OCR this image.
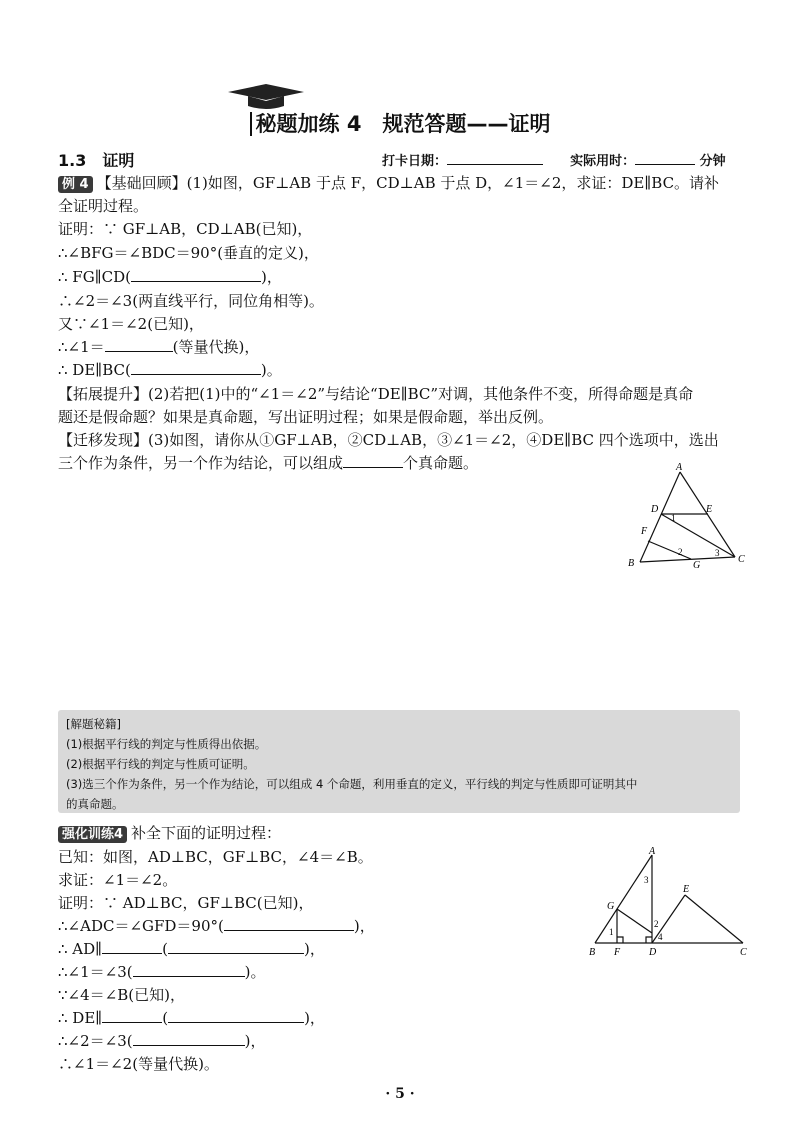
秘题加练 4　规范答题——证明
1.3　证明	打卡日期：	实际用时：	分钟
例 4 【基础回顾】(1)如图，GF⊥AB 于点 F，CD⊥AB 于点 D，∠1＝∠2，求证：DE∥BC。请补
全证明过程。
证明：∵ GF⊥AB，CD⊥AB(已知)，
∴∠BFG＝∠BDC＝90°(垂直的定义)，
∴ FG∥CD(	)，
∴∠2＝∠3(两直线平行，同位角相等)。
又∵∠1＝∠2(已知)，
∴∠1＝	(等量代换)，
∴ DE∥BC(	)。
【拓展提升】(2)若把(1)中的“∠1＝∠2”与结论“DE∥BC”对调，其他条件不变，所得命题是真命
题还是假命题？如果是真命题，写出证明过程；如果是假命题，举出反例。
【迁移发现】(3)如图，请你从①GF⊥AB，②CD⊥AB，③∠1＝∠2，④DE∥BC 四个选项中，选出
三个作为条件，另一个作为结论，可以组成	个真命题。	A
D	E
F
1
2	3
B	G
C
[解题秘籍]
(1)根据平行线的判定与性质得出依据。
(2)根据平行线的判定与性质可证明。
(3)选三个作为条件，另一个作为结论，可以组成 4 个命题，利用垂直的定义，平行线的判定与性质即可证明其中
的真命题。
强化训练4 补全下面的证明过程：
已知：如图，AD⊥BC，GF⊥BC，∠4＝∠B。
求证：∠1＝∠2。
证明：∵ AD⊥BC，GF⊥BC(已知)，
∴∠ADC＝∠GFD＝90°(	)，
∴ AD∥	(	)，
∴∠1＝∠3(	)。
∵∠4＝∠B(已知)，
∴ DE∥	(	)，
∴∠2＝∠3(	)，
∴∠1＝∠2(等量代换)。
A
G
3
E
1
2
4
B F	D	C
· 5 ·
